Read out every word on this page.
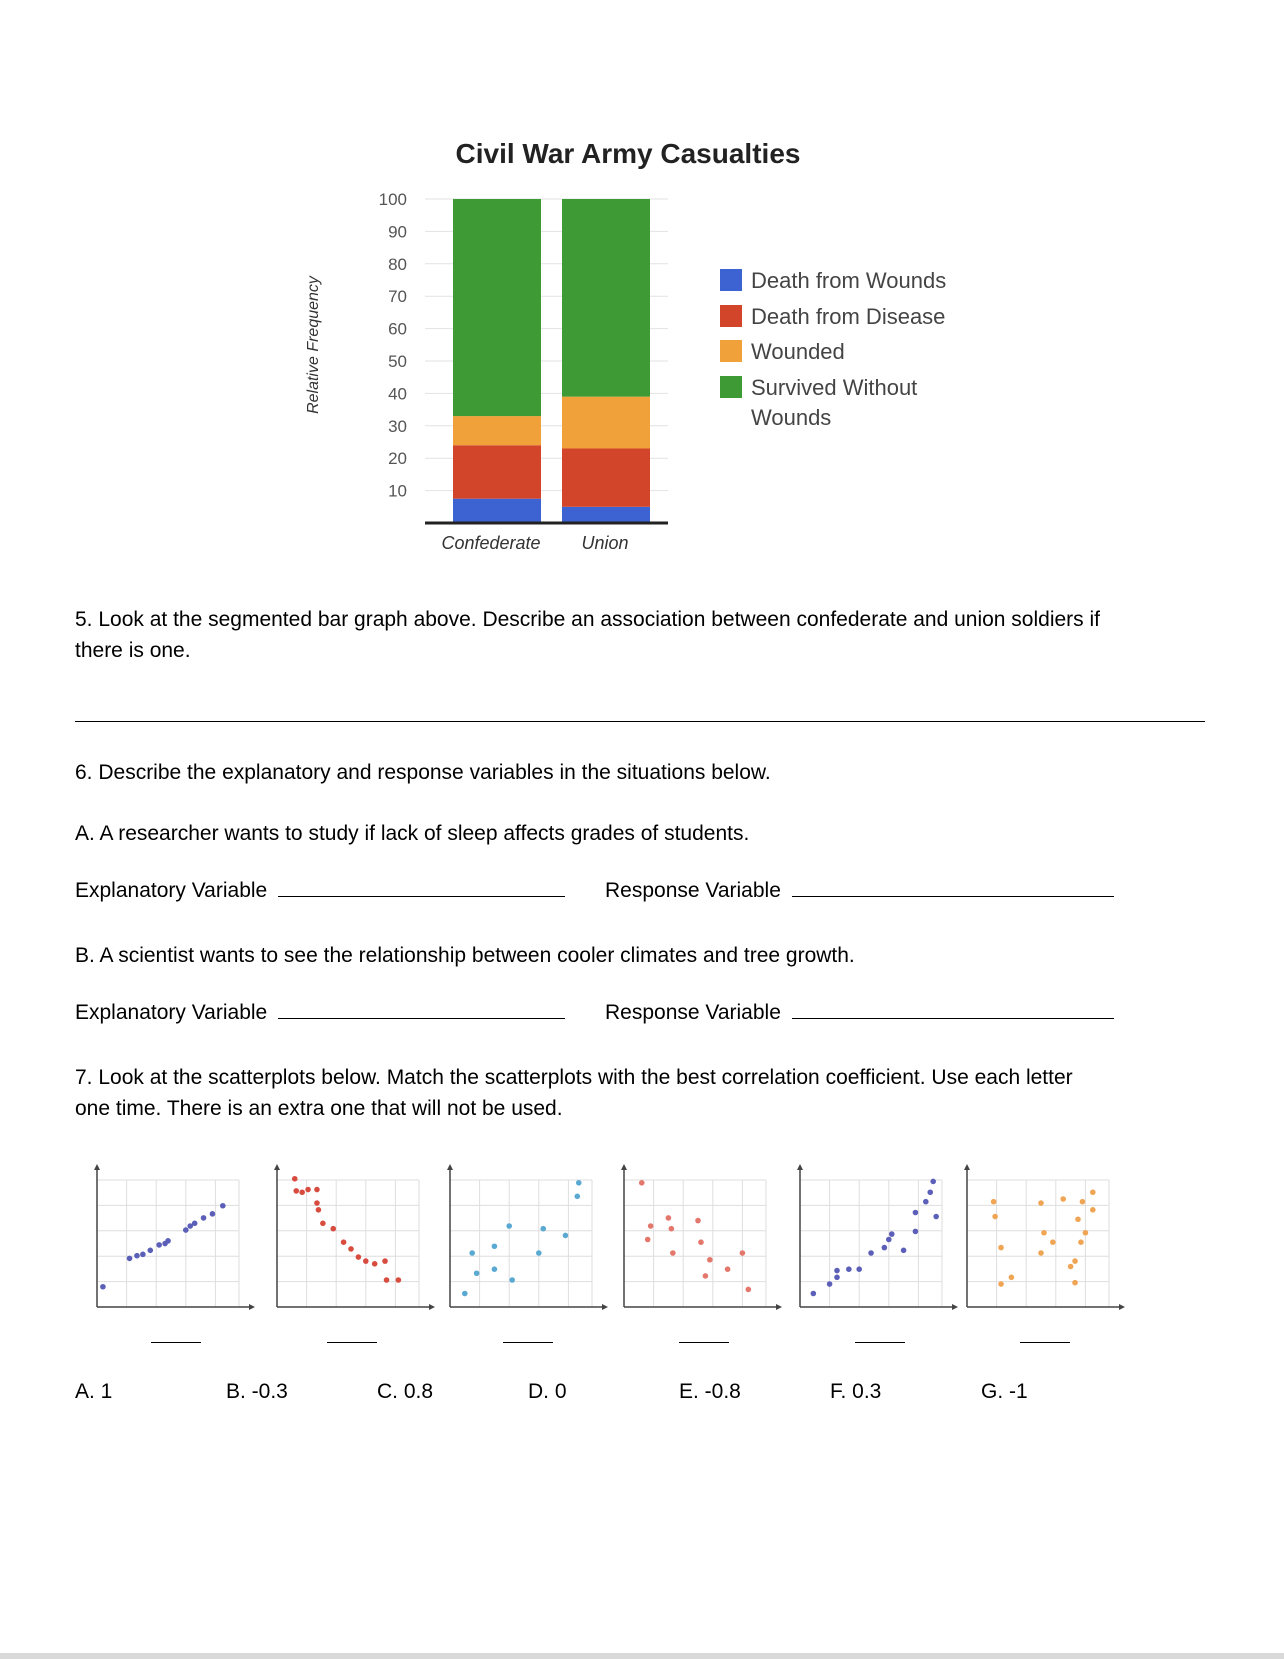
Civil War Army Casualties
Relative Frequency
10
20
30
40
50
60
70
80
90
100
Confederate Union
Death from Wounds
Death from Disease
Wounded
Survived Without
Wounds
5. Look at the segmented bar graph above. Describe an association between confederate and union soldiers if
there is one.
6. Describe the explanatory and response variables in the situations below.
A. A researcher wants to study if lack of sleep affects grades of students.
Explanatory Variable	Response Variable
B. A scientist wants to see the relationship between cooler climates and tree growth.
Explanatory Variable	Response Variable
7. Look at the scatterplots below. Match the scatterplots with the best correlation coefficient. Use each letter
one time. There is an extra one that will not be used.
A. 1	B. -0.3	C. 0.8	D. 0	E. -0.8	F. 0.3	G. -1
